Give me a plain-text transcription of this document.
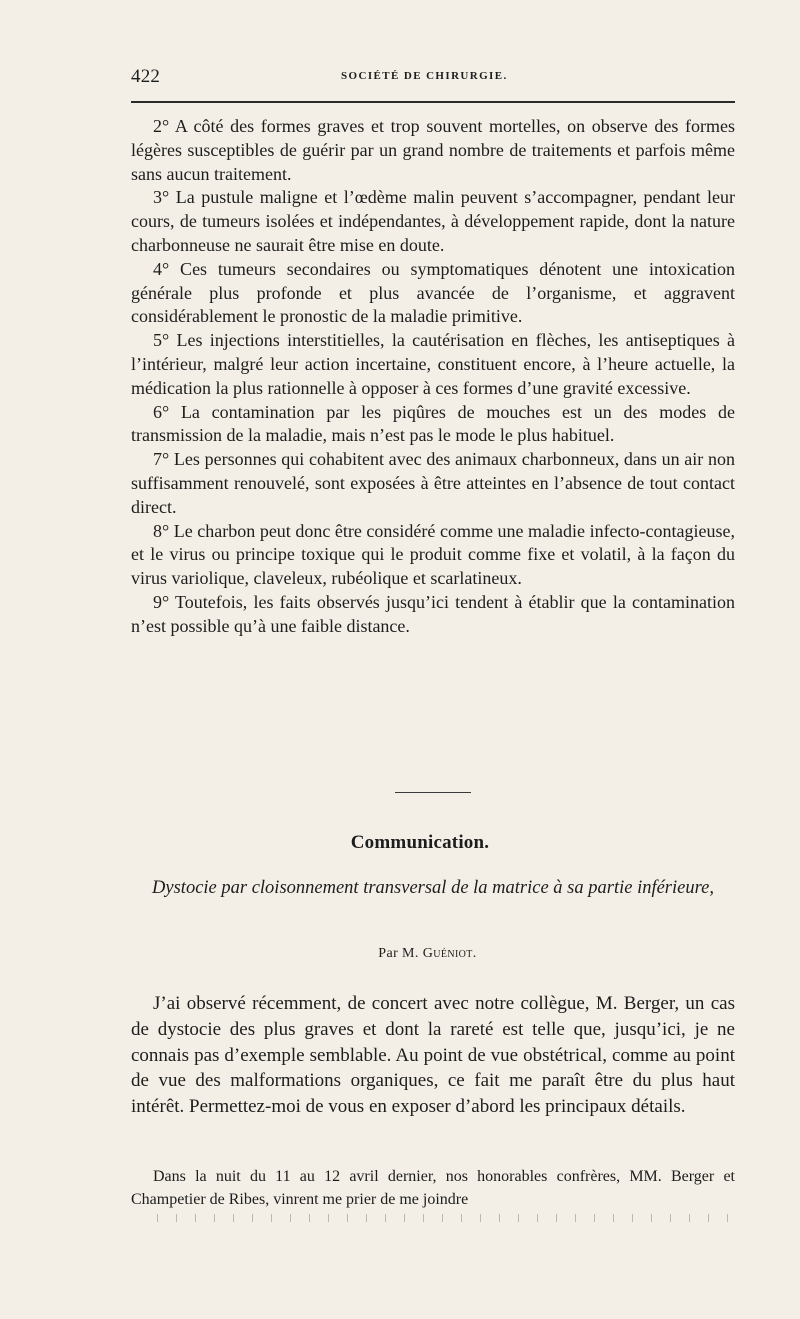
422	SOCIÉTÉ DE CHIRURGIE.

2° A côté des formes graves et trop souvent mortelles, on observe des formes légères susceptibles de guérir par un grand nombre de traitements et parfois même sans aucun traitement.

3° La pustule maligne et l’œdème malin peuvent s’accompagner, pendant leur cours, de tumeurs isolées et indépendantes, à développement rapide, dont la nature charbonneuse ne saurait être mise en doute.

4° Ces tumeurs secondaires ou symptomatiques dénotent une intoxication générale plus profonde et plus avancée de l’organisme, et aggravent considérablement le pronostic de la maladie primitive.

5° Les injections interstitielles, la cautérisation en flèches, les antiseptiques à l’intérieur, malgré leur action incertaine, constituent encore, à l’heure actuelle, la médication la plus rationnelle à opposer à ces formes d’une gravité excessive.

6° La contamination par les piqûres de mouches est un des modes de transmission de la maladie, mais n’est pas le mode le plus habituel.

7° Les personnes qui cohabitent avec des animaux charbonneux, dans un air non suffisamment renouvelé, sont exposées à être atteintes en l’absence de tout contact direct.

8° Le charbon peut donc être considéré comme une maladie infecto-contagieuse, et le virus ou principe toxique qui le produit comme fixe et volatil, à la façon du virus variolique, claveleux, rubéolique et scarlatineux.

9° Toutefois, les faits observés jusqu’ici tendent à établir que la contamination n’est possible qu’à une faible distance.

Communication.
Dystocie par cloisonnement transversal de la matrice à sa partie inférieure,
Par M. Guéniot.

J’ai observé récemment, de concert avec notre collègue, M. Berger, un cas de dystocie des plus graves et dont la rareté est telle que, jusqu’ici, je ne connais pas d’exemple semblable. Au point de vue obstétrical, comme au point de vue des malformations organiques, ce fait me paraît être du plus haut intérêt. Permettez-moi de vous en exposer d’abord les principaux détails.

Dans la nuit du 11 au 12 avril dernier, nos honorables confrères, MM. Berger et Champetier de Ribes, vinrent me prier de me joindre
